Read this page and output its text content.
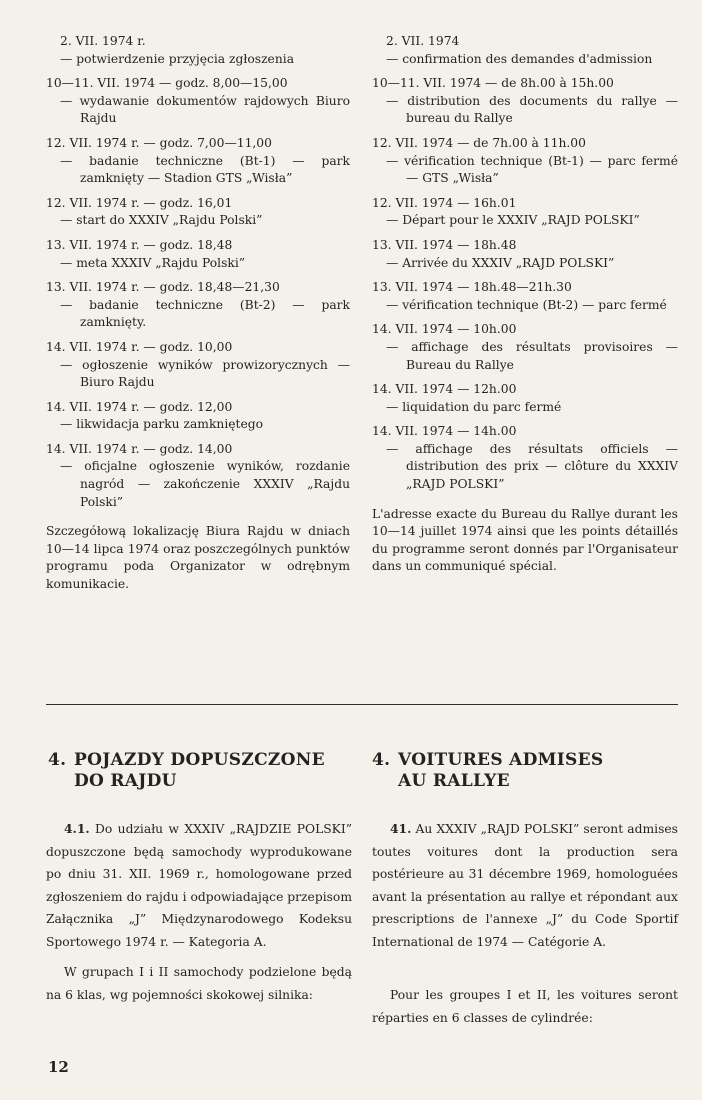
2. VII. 1974 r.
— potwierdzenie przyjęcia zgłoszenia
10—11. VII. 1974 — godz. 8,00—15,00
— wydawanie dokumentów rajdowych Biuro Rajdu
12. VII. 1974 r. — godz. 7,00—11,00
— badanie techniczne (Bt-1) — park zamknięty — Stadion GTS „Wisła”
12. VII. 1974 r. — godz. 16,01
— start do XXXIV „Rajdu Polski”
13. VII. 1974 r. — godz. 18,48
— meta XXXIV „Rajdu Polski”
13. VII. 1974 r. — godz. 18,48—21,30
— badanie techniczne (Bt-2) — park zamknięty.
14. VII. 1974 r. — godz. 10,00
— ogłoszenie wyników prowizorycznych — Biuro Rajdu
14. VII. 1974 r. — godz. 12,00
— likwidacja parku zamkniętego
14. VII. 1974 r. — godz. 14,00
— oficjalne ogłoszenie wyników, rozdanie nagród — zakończenie XXXIV „Rajdu Polski”
Szczegółową lokalizację Biura Rajdu w dniach 10—14 lipca 1974 oraz poszczególnych punktów programu poda Organizator w odrębnym komunikacie.
2. VII. 1974
— confirmation des demandes d'admission
10—11. VII. 1974 — de 8h.00 à 15h.00
— distribution des documents du rallye — bureau du Rallye
12. VII. 1974 — de 7h.00 à 11h.00
— vérification technique (Bt-1) — parc fermé — GTS „Wisła”
12. VII. 1974 — 16h.01
— Départ pour le XXXIV „RAJD POLSKI”
13. VII. 1974 — 18h.48
— Arrivée du XXXIV „RAJD POLSKI”
13. VII. 1974 — 18h.48—21h.30
— vérification technique (Bt-2) — parc fermé
14. VII. 1974 — 10h.00
— affichage des résultats provisoires — Bureau du Rallye
14. VII. 1974 — 12h.00
— liquidation du parc fermé
14. VII. 1974 — 14h.00
— affichage des résultats officiels — distribution des prix — clôture du XXXIV „RAJD POLSKI”
L'adresse exacte du Bureau du Rallye durant les 10—14 juillet 1974 ainsi que les points détaillés du programme seront donnés par l'Organisateur dans un communiqué spécial.
4. POJAZDY DOPUSZCZONE
DO RAJDU
4. VOITURES ADMISES
AU RALLYE

4.1. Do udziału w XXXIV „RAJDZIE POLSKI” dopuszczone będą samochody wyprodukowane po dniu 31. XII. 1969 r., homologowane przed zgłoszeniem do rajdu i odpowiadające przepisom Załącznika „J” Międzynarodowego Kodeksu Sportowego 1974 r. — Kategoria A.

W grupach I i II samochody podzielone będą na 6 klas, wg pojemności skokowej silnika:

41. Au XXXIV „RAJD POLSKI” seront admises toutes voitures dont la production sera postérieure au 31 décembre 1969, homologuées avant la présentation au rallye et répondant aux prescriptions de l'annexe „J” du Code Sportif International de 1974 — Catégorie A.

Pour les groupes I et II, les voitures seront réparties en 6 classes de cylindrée:

12
